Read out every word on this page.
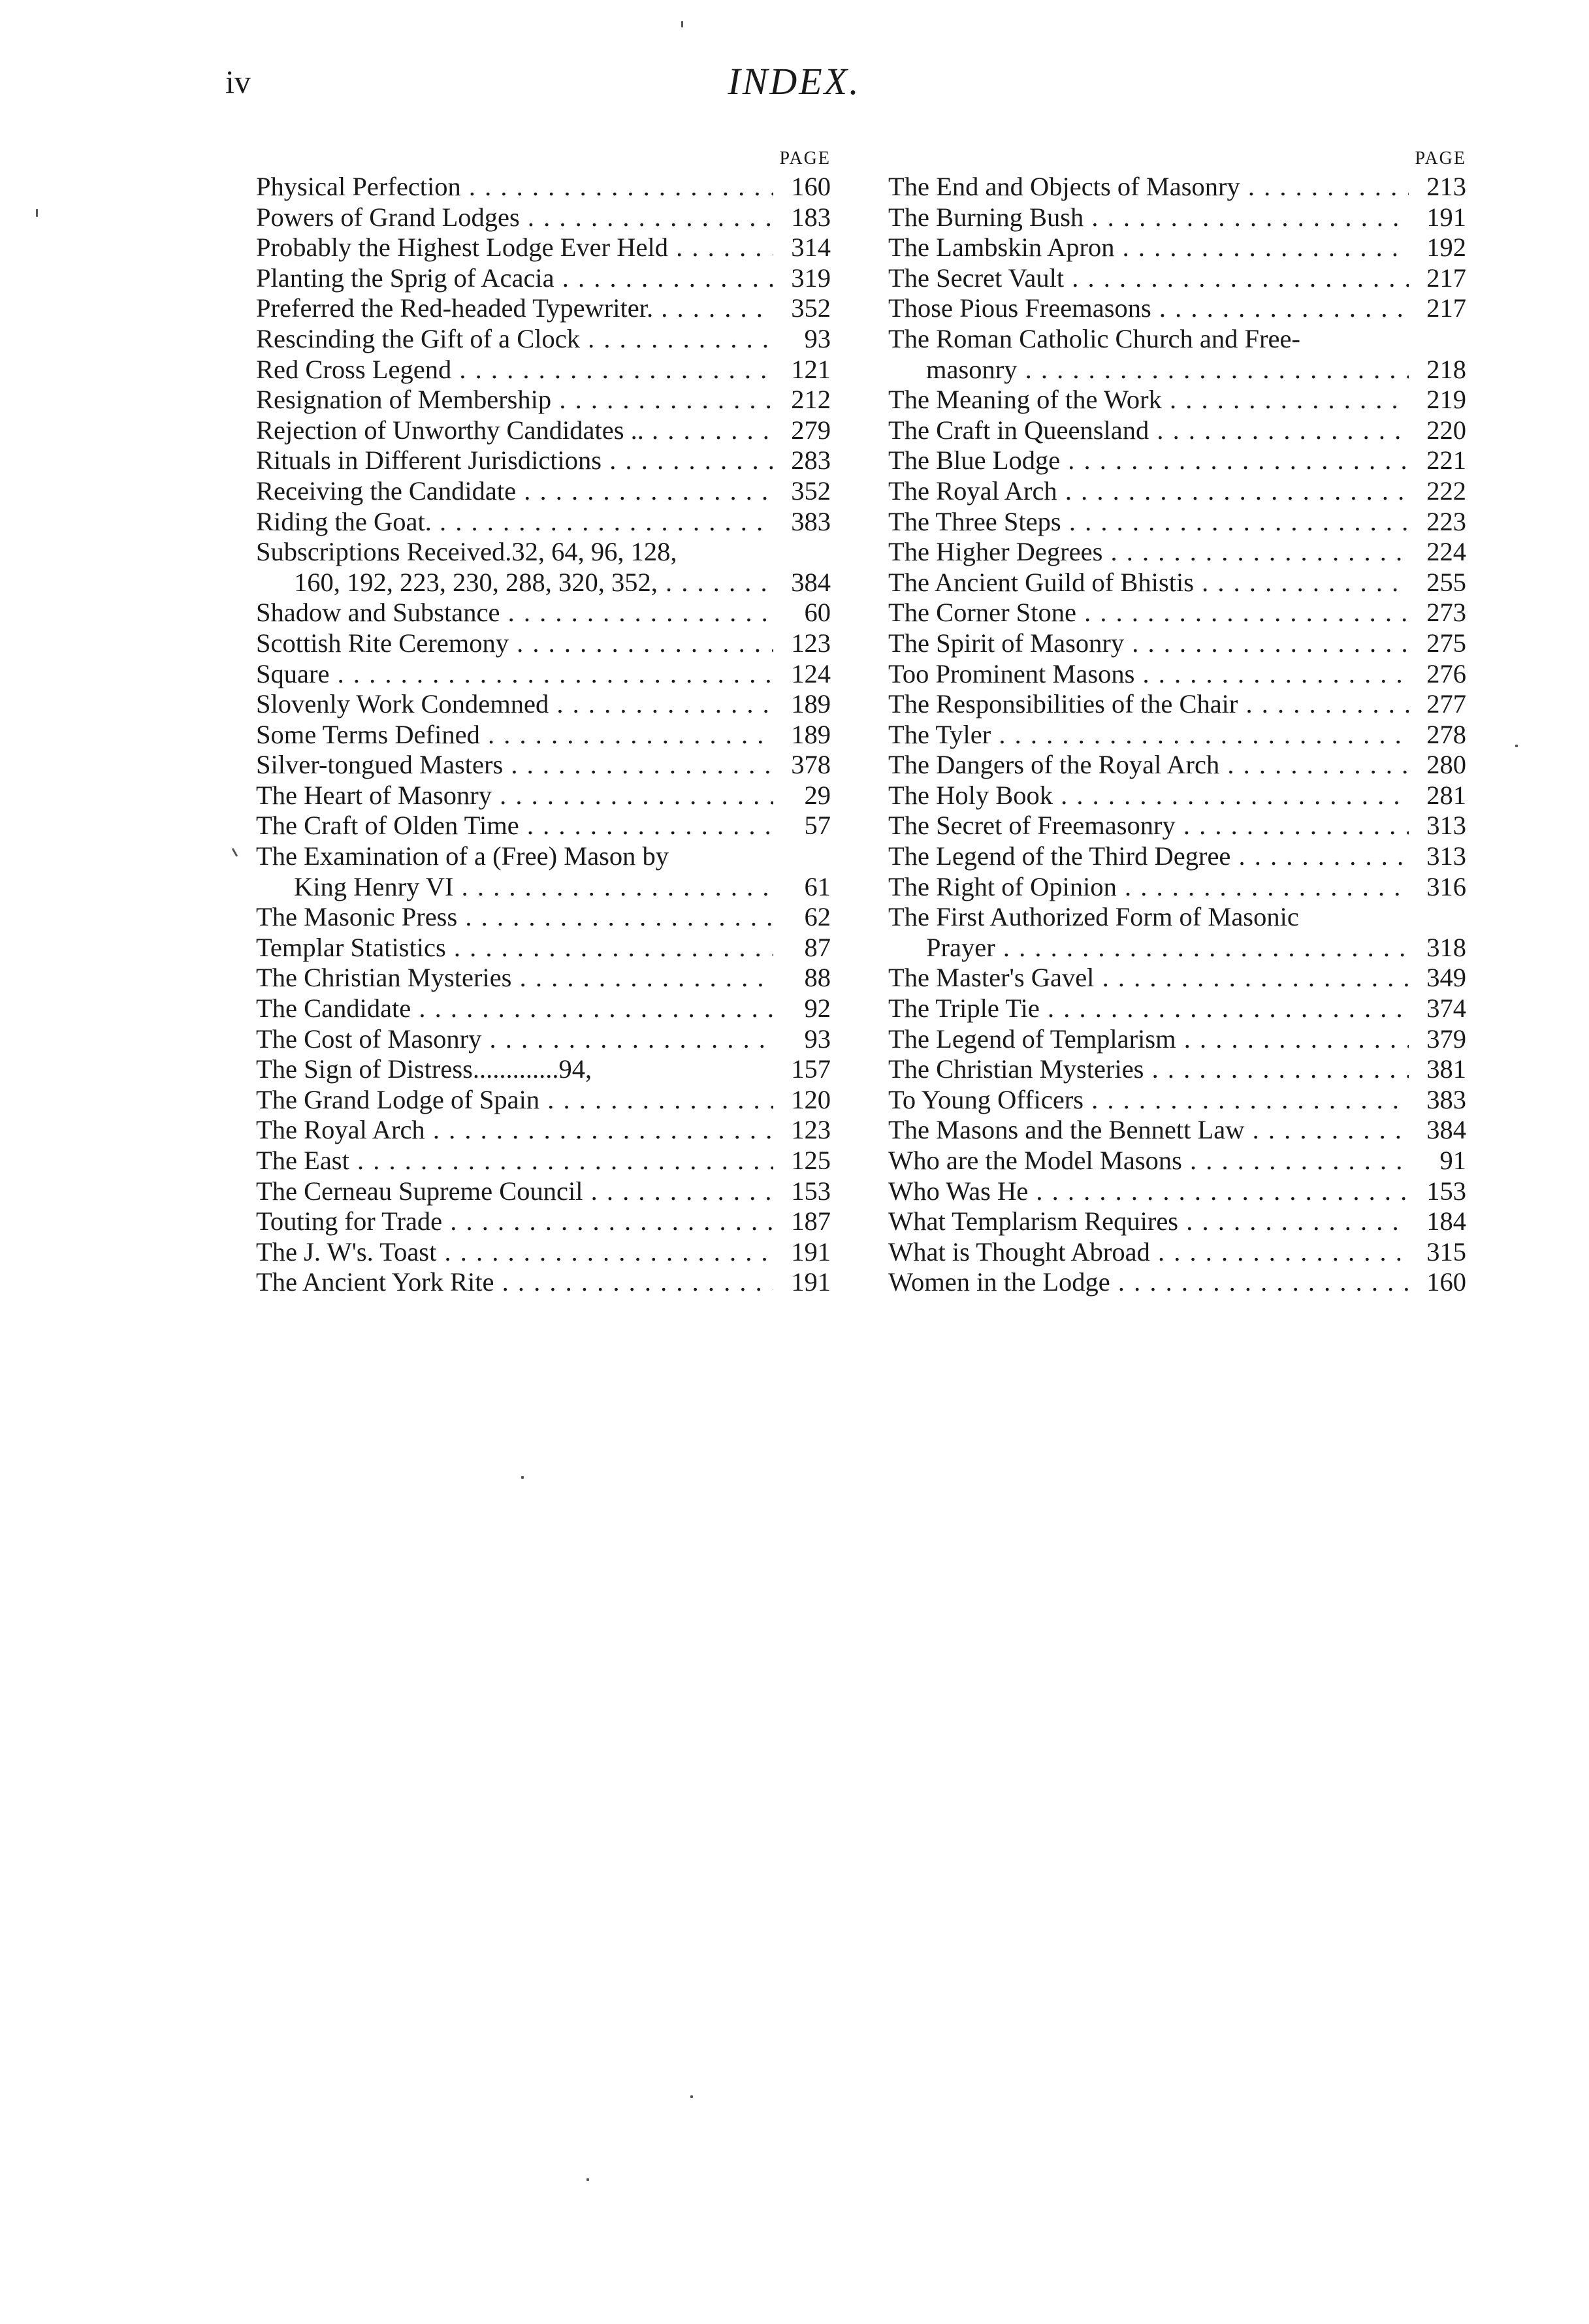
iv	INDEX.
PAGE
Physical Perfection . . .	160
Powers of Grand Lodges . . .	183
Probably the Highest Lodge Ever Held . . .	314
Planting the Sprig of Acacia . . .	319
Preferred the Red-headed Typewriter. . . .	352
Rescinding the Gift of a Clock . . .	93
Red Cross Legend . . .	121
Resignation of Membership . . .	212
Rejection of Unworthy Candidates .. . . .	279
Rituals in Different Jurisdictions . . .	283
Receiving the Candidate . . .	352
Riding the Goat. . . .	383
Subscriptions Received.32, 64, 96, 128,
160, 192, 223, 230, 288, 320, 352, . . .	384
Shadow and Substance . . .	60
Scottish Rite Ceremony . . .	123
Square . . .	124
Slovenly Work Condemned . . .	189
Some Terms Defined . . .	189
Silver-tongued Masters . . .	378
The Heart of Masonry . . .	29
The Craft of Olden Time . . .	57
The Examination of a (Free) Mason by
King Henry VI . . .	61
The Masonic Press . . .	62
Templar Statistics . . .	87
The Christian Mysteries . . .	88
The Candidate . . .	92
The Cost of Masonry . . .	93
The Sign of Distress.............94,	157
The Grand Lodge of Spain . . .	120
The Royal Arch . . .	123
The East . . .	125
The Cerneau Supreme Council . . .	153
Touting for Trade . . .	187
The J. W's. Toast . . .	191
The Ancient York Rite . . .	191
PAGE
The End and Objects of Masonry . . .	213
The Burning Bush . . .	191
The Lambskin Apron . . .	192
The Secret Vault . . .	217
Those Pious Freemasons . . .	217
The Roman Catholic Church and Free-
masonry . . .	218
The Meaning of the Work . . .	219
The Craft in Queensland . . .	220
The Blue Lodge . . .	221
The Royal Arch . . .	222
The Three Steps . . .	223
The Higher Degrees . . .	224
The Ancient Guild of Bhistis . . .	255
The Corner Stone . . .	273
The Spirit of Masonry . . .	275
Too Prominent Masons . . .	276
The Responsibilities of the Chair . . .	277
The Tyler . . .	278
The Dangers of the Royal Arch . . .	280
The Holy Book . . .	281
The Secret of Freemasonry . . .	313
The Legend of the Third Degree . . .	313
The Right of Opinion . . .	316
The First Authorized Form of Masonic
Prayer . . .	318
The Master's Gavel . . .	349
The Triple Tie . . .	374
The Legend of Templarism . . .	379
The Christian Mysteries . . .	381
To Young Officers . . .	383
The Masons and the Bennett Law . . .	384
Who are the Model Masons . . .	91
Who Was He . . .	153
What Templarism Requires . . .	184
What is Thought Abroad . . .	315
Women in the Lodge . . .	160
